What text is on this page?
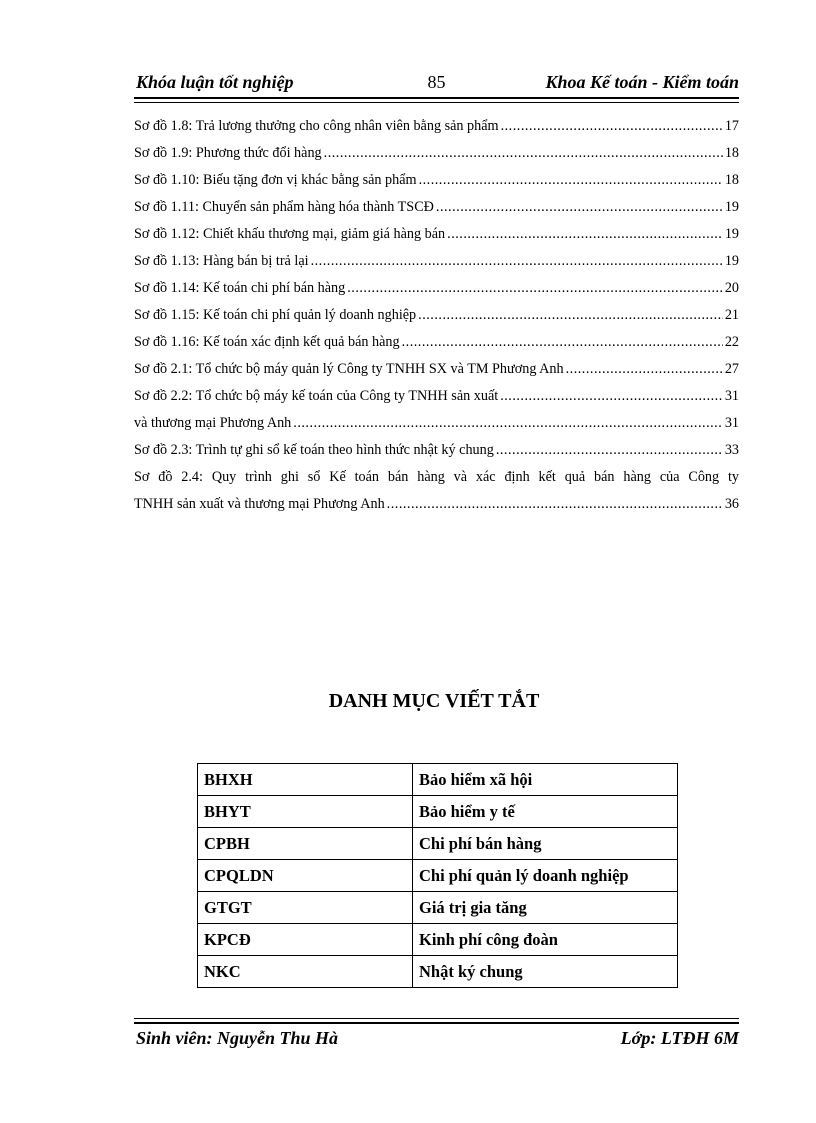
Khóa luận tốt nghiệp	85	Khoa Kế toán - Kiểm toán
Sơ đồ 1.8: Trả lương thưởng cho công nhân viên bằng sản phẩm .....	17
Sơ đồ 1.9: Phương thức đổi hàng .....	18
Sơ đồ 1.10: Biếu tặng đơn vị khác bằng sản phẩm .....	18
Sơ đồ 1.11: Chuyển sản phẩm hàng hóa thành TSCĐ .....	19
Sơ đồ 1.12: Chiết khấu thương mại, giảm giá hàng bán .....	19
Sơ đồ 1.13: Hàng bán bị trả lại .....	19
Sơ đồ 1.14: Kế toán chi phí bán hàng .....	20
Sơ đồ 1.15: Kế toán chi phí quản lý doanh nghiệp .....	21
Sơ đồ 1.16: Kế toán xác định kết quả bán hàng .....	22
Sơ đồ 2.1: Tổ chức bộ máy quản lý Công ty TNHH SX và TM Phương Anh .....	27
Sơ đồ 2.2: Tổ chức bộ máy kế toán của Công ty TNHH sản xuất .....	31
và thương mại Phương Anh .....	31
Sơ đồ 2.3: Trình tự ghi sổ kế toán theo hình thức nhật ký chung .....	33
Sơ đồ 2.4: Quy trình ghi sổ Kế toán bán hàng và xác định kết quả bán hàng của Công ty
TNHH sản xuất và thương mại Phương Anh .....	36
DANH MỤC VIẾT TẮT
BHXH	Bảo hiểm xã hội
BHYT	Bảo hiểm y tế
CPBH	Chi phí bán hàng
CPQLDN	Chi phí quản lý doanh nghiệp
GTGT	Giá trị gia tăng
KPCĐ	Kinh phí công đoàn
NKC	Nhật ký chung
Sinh viên: Nguyễn Thu Hà	Lớp: LTĐH 6M
